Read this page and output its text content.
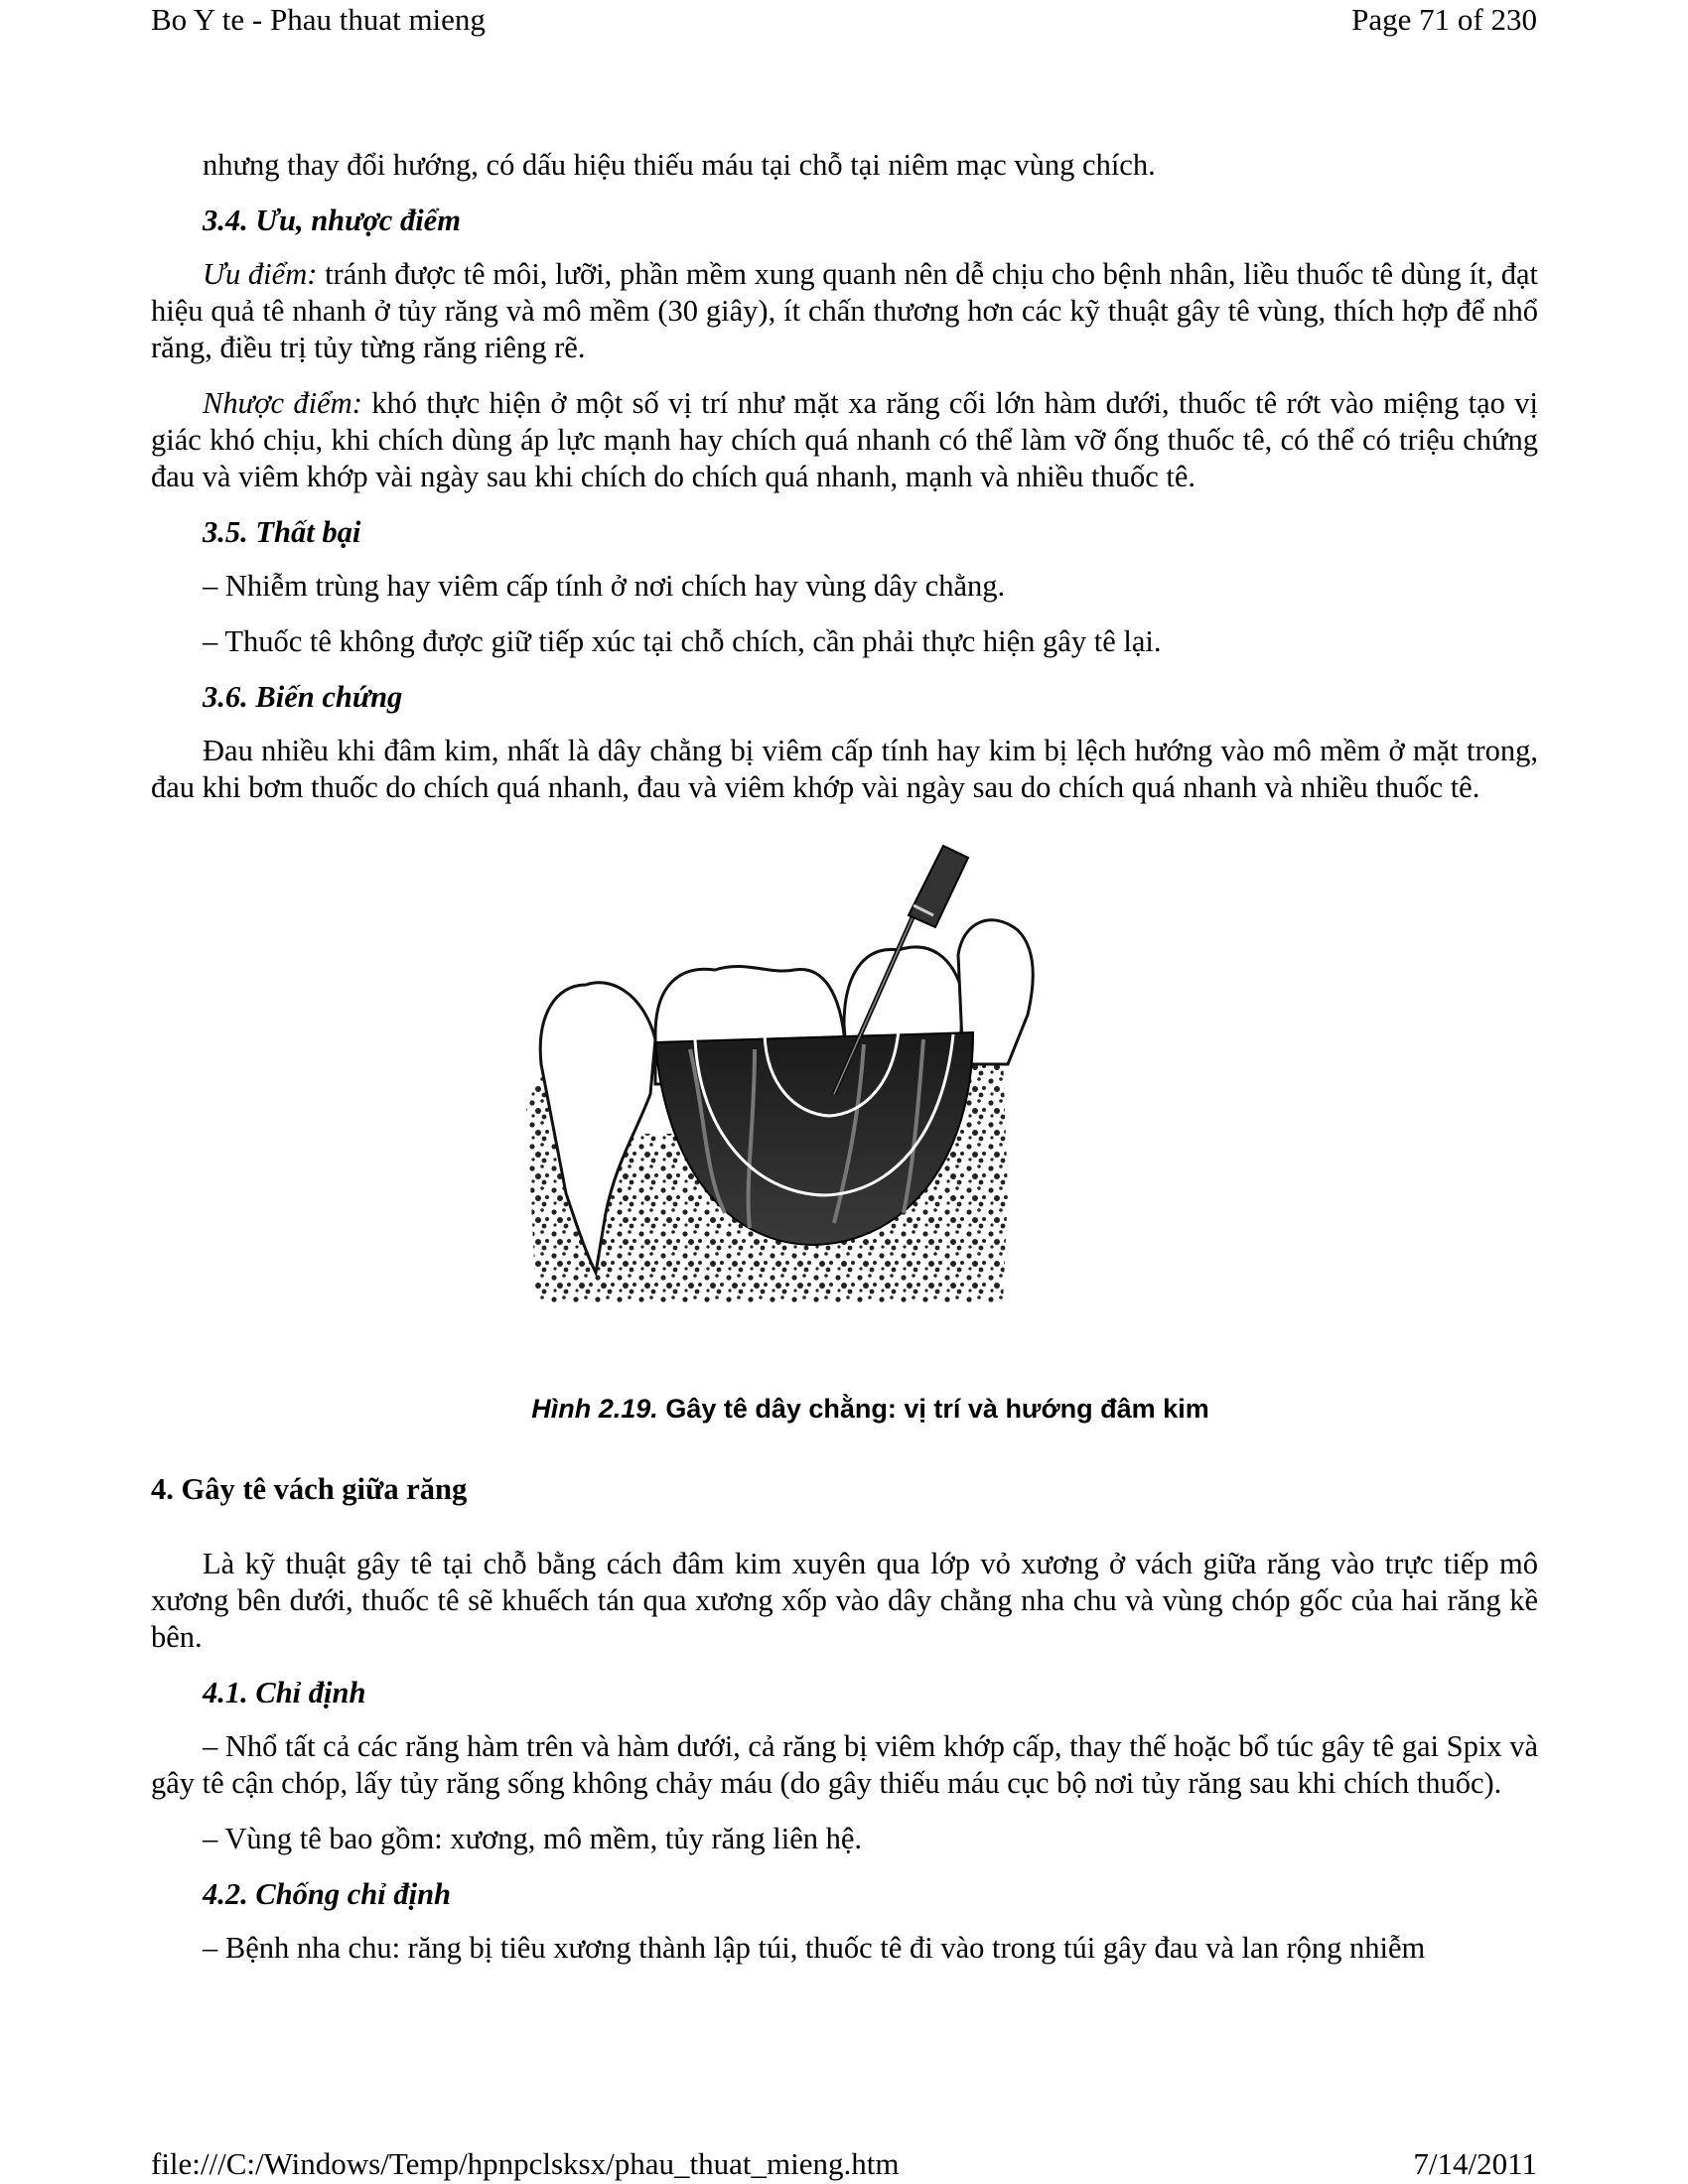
Bo Y te - Phau thuat mieng	Page 71 of 230

nhưng thay đổi hướng, có dấu hiệu thiếu máu tại chỗ tại niêm mạc vùng chích.

3.4. Ưu, nhược điểm

Ưu điểm: tránh được tê môi, lưỡi, phần mềm xung quanh nên dễ chịu cho bệnh nhân, liều thuốc tê dùng ít, đạt hiệu quả tê nhanh ở tủy răng và mô mềm (30 giây), ít chấn thương hơn các kỹ thuật gây tê vùng, thích hợp để nhổ răng, điều trị tủy từng răng riêng rẽ.

Nhược điểm: khó thực hiện ở một số vị trí như mặt xa răng cối lớn hàm dưới, thuốc tê rớt vào miệng tạo vị giác khó chịu, khi chích dùng áp lực mạnh hay chích quá nhanh có thể làm vỡ ống thuốc tê, có thể có triệu chứng đau và viêm khớp vài ngày sau khi chích do chích quá nhanh, mạnh và nhiều thuốc tê.

3.5. Thất bại

– Nhiễm trùng hay viêm cấp tính ở nơi chích hay vùng dây chằng.

– Thuốc tê không được giữ tiếp xúc tại chỗ chích, cần phải thực hiện gây tê lại.

3.6. Biến chứng

Đau nhiều khi đâm kim, nhất là dây chằng bị viêm cấp tính hay kim bị lệch hướng vào mô mềm ở mặt trong, đau khi bơm thuốc do chích quá nhanh, đau và viêm khớp vài ngày sau do chích quá nhanh và nhiều thuốc tê.

Hình 2.19. Gây tê dây chằng: vị trí và hướng đâm kim
4. Gây tê vách giữa răng

Là kỹ thuật gây tê tại chỗ bằng cách đâm kim xuyên qua lớp vỏ xương ở vách giữa răng vào trực tiếp mô xương bên dưới, thuốc tê sẽ khuếch tán qua xương xốp vào dây chằng nha chu và vùng chóp gốc của hai răng kề bên.

4.1. Chỉ định

– Nhổ tất cả các răng hàm trên và hàm dưới, cả răng bị viêm khớp cấp, thay thế hoặc bổ túc gây tê gai Spix và gây tê cận chóp, lấy tủy răng sống không chảy máu (do gây thiếu máu cục bộ nơi tủy răng sau khi chích thuốc).

– Vùng tê bao gồm: xương, mô mềm, tủy răng liên hệ.

4.2. Chống chỉ định

– Bệnh nha chu: răng bị tiêu xương thành lập túi, thuốc tê đi vào trong túi gây đau và lan rộng nhiễm

file:///C:/Windows/Temp/hpnpclsksx/phau_thuat_mieng.htm	7/14/2011
